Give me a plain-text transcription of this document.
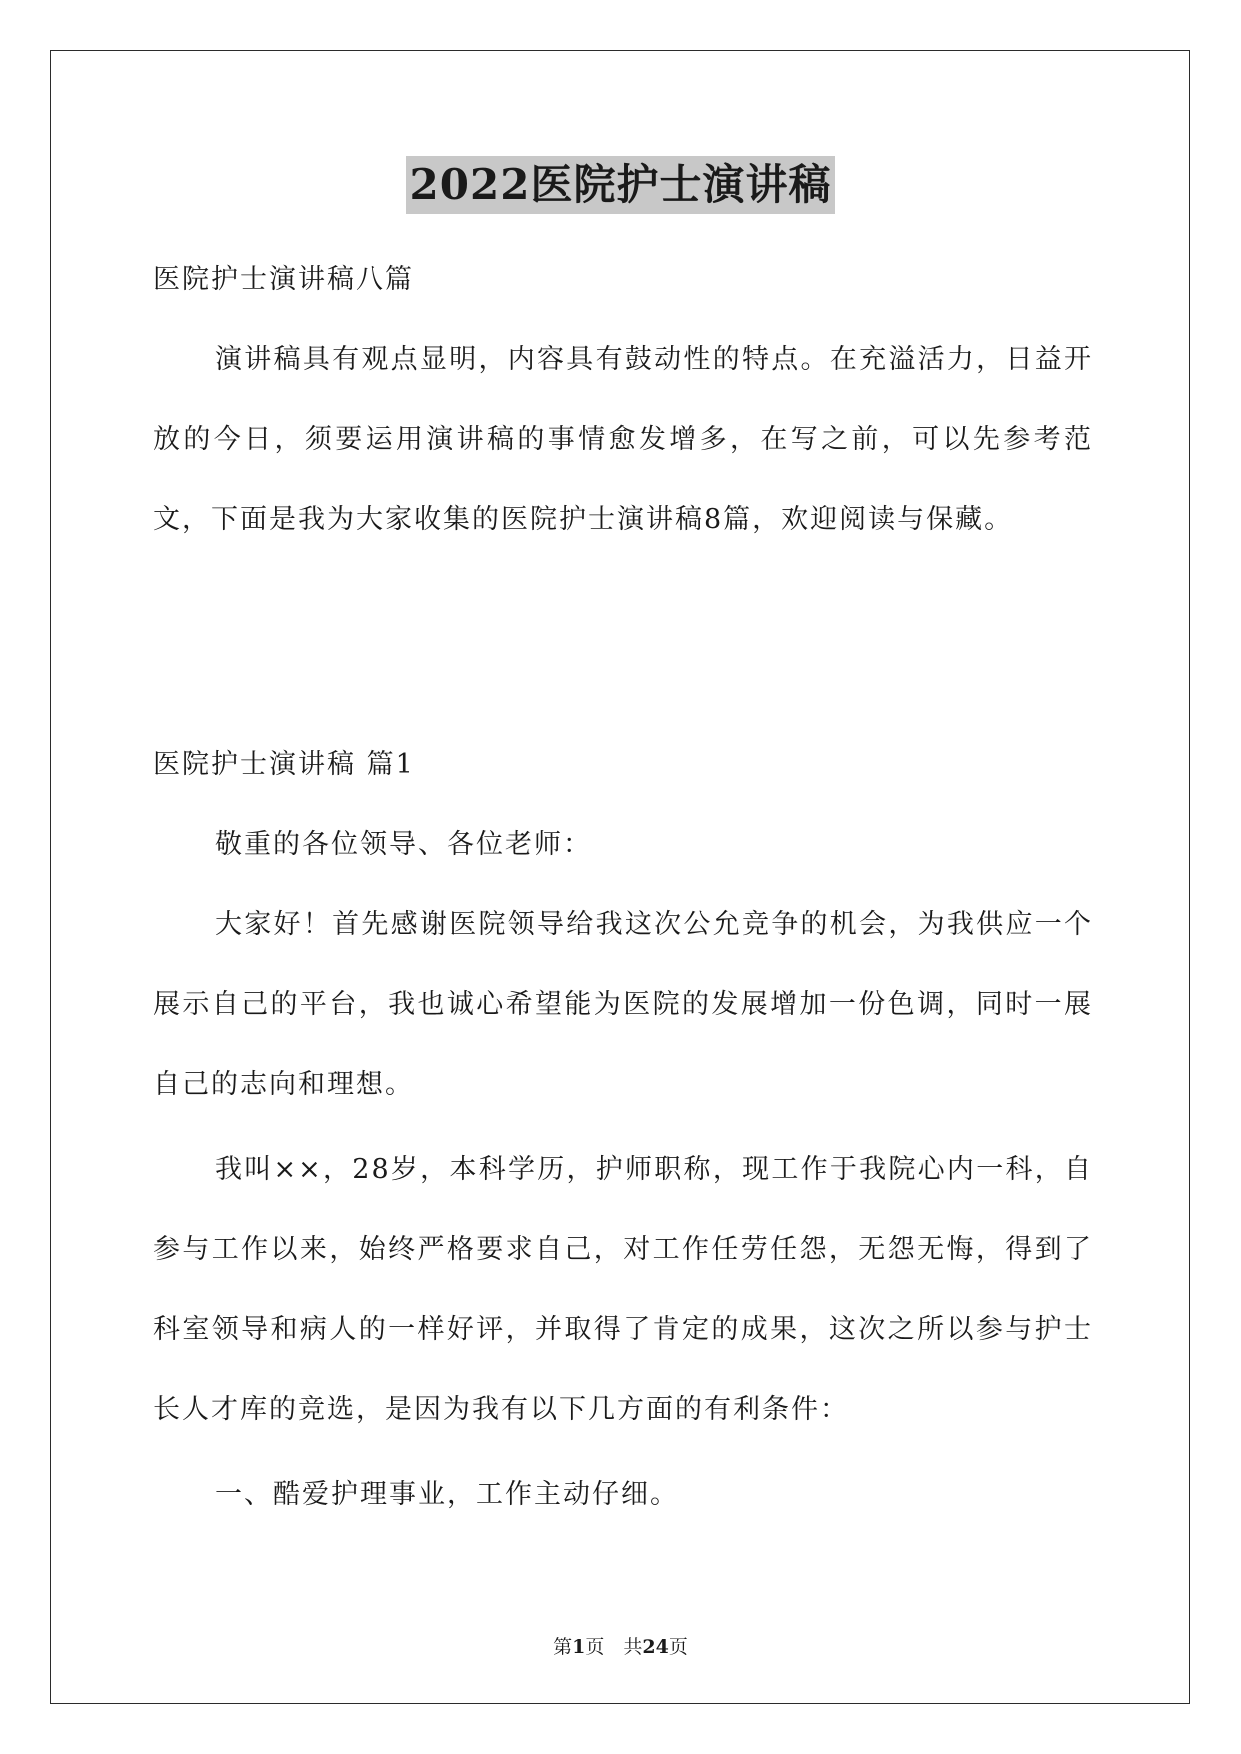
2022医院护士演讲稿

医院护士演讲稿八篇

演讲稿具有观点显明，内容具有鼓动性的特点。在充溢活力，日益开放的今日，须要运用演讲稿的事情愈发增多，在写之前，可以先参考范文，下面是我为大家收集的医院护士演讲稿8篇，欢迎阅读与保藏。

医院护士演讲稿 篇1

敬重的各位领导、各位老师：

大家好！首先感谢医院领导给我这次公允竞争的机会，为我供应一个展示自己的平台，我也诚心希望能为医院的发展增加一份色调，同时一展自己的志向和理想。

我叫××，28岁，本科学历，护师职称，现工作于我院心内一科，自参与工作以来，始终严格要求自己，对工作任劳任怨，无怨无悔，得到了科室领导和病人的一样好评，并取得了肯定的成果，这次之所以参与护士长人才库的竞选，是因为我有以下几方面的有利条件：

一、酷爱护理事业，工作主动仔细。

第1页　共24页
